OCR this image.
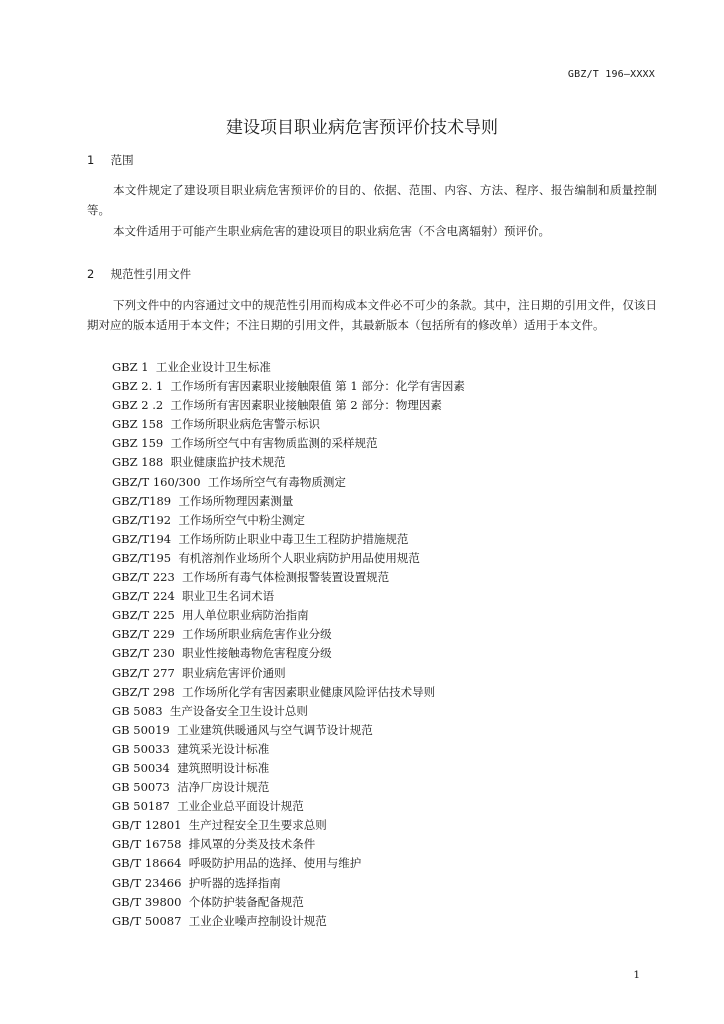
GBZ/T 196—XXXX
建设项目职业病危害预评价技术导则
1 范围

本文件规定了建设项目职业病危害预评价的目的、依据、范围、内容、方法、程序、报告编制和质量控制等。

本文件适用于可能产生职业病危害的建设项目的职业病危害（不含电离辐射）预评价。

2 规范性引用文件

下列文件中的内容通过文中的规范性引用而构成本文件必不可少的条款。其中，注日期的引用文件，仅该日期对应的版本适用于本文件；不注日期的引用文件，其最新版本（包括所有的修改单）适用于本文件。

GBZ 1 工业企业设计卫生标准
GBZ 2. 1 工作场所有害因素职业接触限值 第 1 部分：化学有害因素
GBZ 2 .2 工作场所有害因素职业接触限值 第 2 部分：物理因素
GBZ 158 工作场所职业病危害警示标识
GBZ 159 工作场所空气中有害物质监测的采样规范
GBZ 188 职业健康监护技术规范
GBZ/T 160/300 工作场所空气有毒物质测定
GBZ/T189 工作场所物理因素测量
GBZ/T192 工作场所空气中粉尘测定
GBZ/T194 工作场所防止职业中毒卫生工程防护措施规范
GBZ/T195 有机溶剂作业场所个人职业病防护用品使用规范
GBZ/T 223 工作场所有毒气体检测报警装置设置规范
GBZ/T 224 职业卫生名词术语
GBZ/T 225 用人单位职业病防治指南
GBZ/T 229 工作场所职业病危害作业分级
GBZ/T 230 职业性接触毒物危害程度分级
GBZ/T 277 职业病危害评价通则
GBZ/T 298 工作场所化学有害因素职业健康风险评估技术导则
GB 5083 生产设备安全卫生设计总则
GB 50019 工业建筑供暖通风与空气调节设计规范
GB 50033 建筑采光设计标准
GB 50034 建筑照明设计标准
GB 50073 洁净厂房设计规范
GB 50187 工业企业总平面设计规范
GB/T 12801 生产过程安全卫生要求总则
GB/T 16758 排风罩的分类及技术条件
GB/T 18664 呼吸防护用品的选择、使用与维护
GB/T 23466 护听器的选择指南
GB/T 39800 个体防护装备配备规范
GB/T 50087 工业企业噪声控制设计规范
1
